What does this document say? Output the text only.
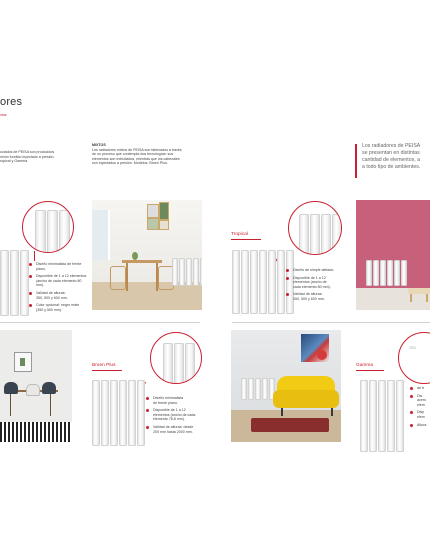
ores
xtos
uciados de PEISA son producidos
minio fundido inyectado a presión.
ropical y Gamma.
MIXTOS
Los radiadores mixtos de PEISA son fabricados a través
de un proceso que contempla dos tecnologías: sus
elementos son extrudados, mientras que los cabezales
son inyectados a presión. Modelos: Broen Plus.
Los radiadores de PEISA
se presentan en distintas
cantidad de elementos, a
a todo tipo de ambientes.
Diseño minimalista de frente plano.
Disponible de 1 a 12 elementos
(ancho de cada elemento 80 mm).
Validad de alturas:
350, 500 y 600 mm.
Color opcional: negro mate
(350 y 500 mm).
Tropical
Diseño de simple aletado.
Disponible de 1 a 12
elementos (ancho de
cada elemento 80 mm).
Validad de alturas:
350, 500 y 600 mm.
Broen Plus
Diseño minimalista
de frente plano.
Disponible de 1 a 12
elementos (ancho de cada
elemento 78,8 mm).
Validad de alturas: desde
200 mm hasta 2000 mm.
Gamma
Sta
de tr
Dis
acero
elem
Disp
elem
Altura
